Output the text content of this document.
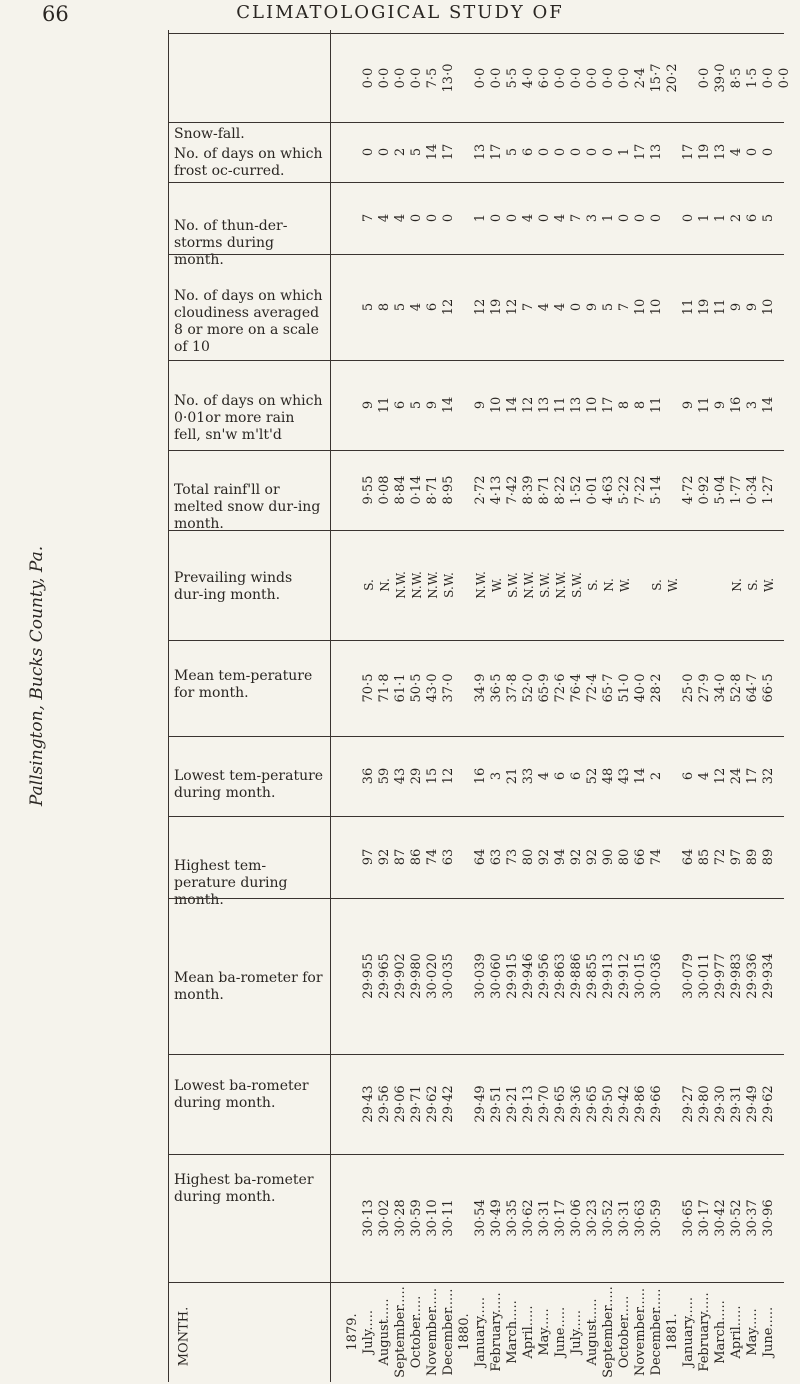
66	CLIMATOLOGICAL STUDY OF
Pallsington, Bucks County, Pa.
Snow-fall.
No. of days on which frost oc-curred.
No. of thun-der-storms during month.
No. of days on which cloudiness averaged 8 or more on a scale of 10
No. of days on which 0·01or more rain fell, sn'w m'lt'd
Total rainf'll or melted snow dur-ing month.
Prevailing winds dur-ing month.
Mean tem-perature for month.
Lowest tem-perature during month.
Highest tem-perature during month.
Mean ba-rometer for month.
Lowest ba-rometer during month.
Highest ba-rometer during month.
MONTH.
0·0 0·0 0·0 0·0 7·5 13·0 0·0 0·0 5·5 4·0 6·0 0·0 0·0 0·0 0·0 0·0 2·4 15·7 20·2 0·0 39·0 8·5 1·5 0·0 0·0
0 0 2 5 14 17 13 17 5 6 0 0 0 0 0 1 17 13 17 19 13 4 0 0
7 4 4 0 0 0 1 0 0 4 0 4 7 3 1 0 0 0 0 1 1 2 6 5
5 8 5 4 6 12 12 19 12 7 4 4 0 9 5 7 10 10 11 19 11 9 9 10
9 11 6 5 9 14 9 10 14 12 13 11 13 10 17 8 8 11 9 11 9 16 3 14
9·55 0·08 8·84 0·14 8·71 8·95 2·72 4·13 7·42 8·39 8·71 8·22 1·52 0·01 4·63 5·22 7·22 5·14 4·72 0·92 5·04 1·77 0·34 1·27
S. N. N.W. N.W. N.W. S.W. N.W. W. S.W. N.W. S.W. N.W. S.W. S. N. W. S. W.	N. S. W.
70·5 71·8 61·1 50·5 43·0 37·0 34·9 36·5 37·8 52·0 65·9 72·6 76·4 72·4 65·7 51·0 40·0 28·2 25·0 27·9 34·0 52·8 64·7 66·5
36 59 43 29 15 12 16 3 21 33 4 6 6 52 48 43 14 2 6 4 12 24 17 32
97 92 87 86 74 63 64 63 73 80 92 94 92 92 90 80 66 74 64 85 72 97 89 89
29·955 29·965 29·902 29·980 30·020 30·035 30·039 30·060 29·915 29·946 29·956 29·863 29·886 29·855 29·913 29·912 30·015 30·036 30·079 30·011 29·977 29·983 29·936 29·934
29·43 29·56 29·06 29·71 29·62 29·42 29·49 29·51 29·21 29·13 29·70 29·65 29·36 29·65 29·50 29·42 29·86 29·66 29·27 29·80 29·30 29·31 29·49 29·62
30·13 30·02 30·28 30·59 30·10 30·11 30·54 30·49 30·35 30·62 30·31 30·17 30·06 30·23 30·52 30·31 30·63 30·59 30·65 30·17 30·42 30·52 30·37 30·96
1879. July..... August..... September..... October..... November..... December..... 1880. January..... February..... March..... April..... May..... June..... July..... August..... September..... October..... November..... December..... 1881. January..... February..... March..... April..... May..... June.....
